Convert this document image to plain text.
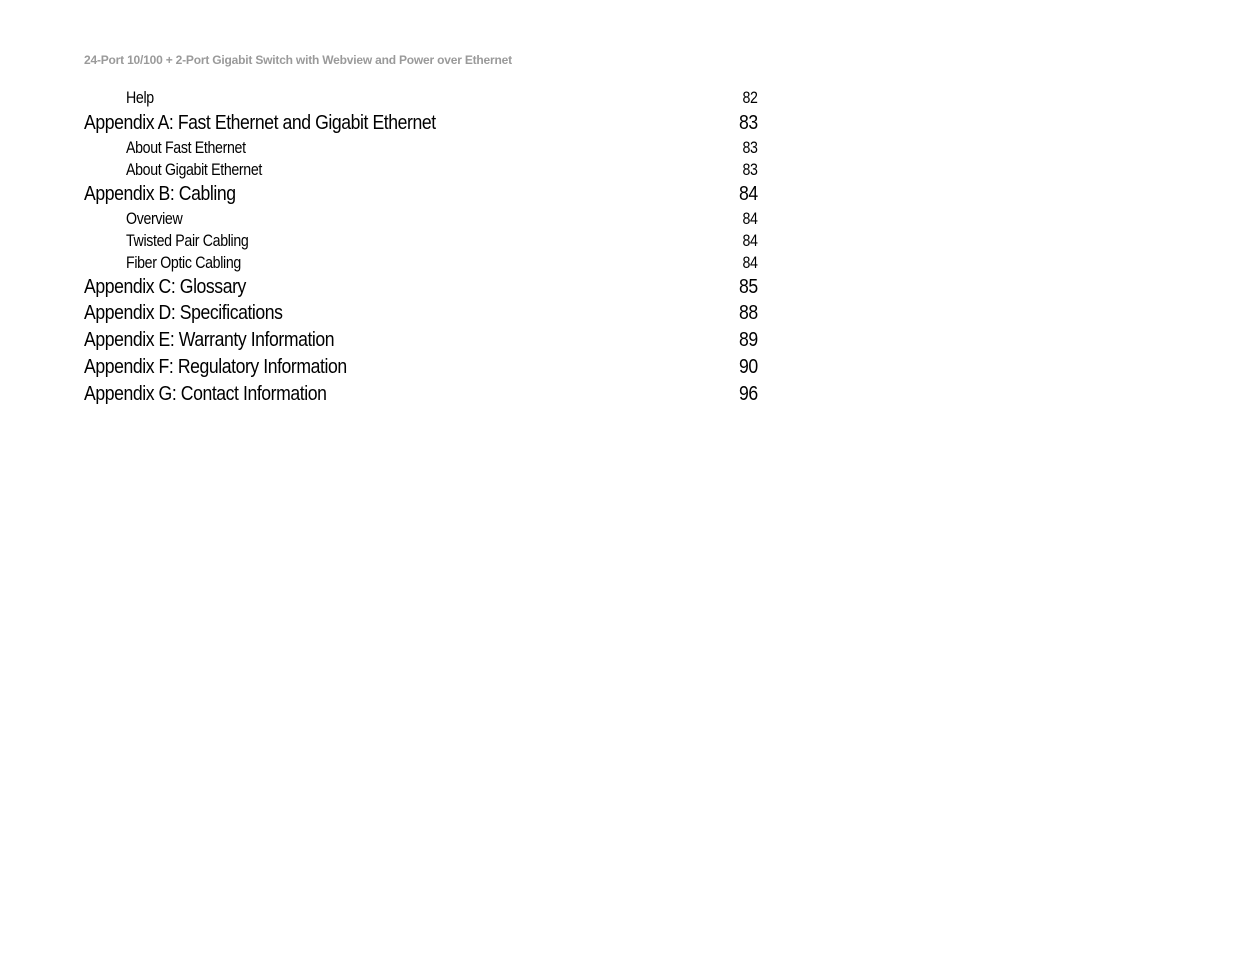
24-Port 10/100 + 2-Port Gigabit Switch with Webview and Power over Ethernet
Help	82
Appendix A: Fast Ethernet and Gigabit Ethernet	83
About Fast Ethernet	83
About Gigabit Ethernet	83
Appendix B: Cabling	84
Overview	84
Twisted Pair Cabling	84
Fiber Optic Cabling	84
Appendix C: Glossary	85
Appendix D: Specifications	88
Appendix E: Warranty Information	89
Appendix F: Regulatory Information	90
Appendix G: Contact Information	96
